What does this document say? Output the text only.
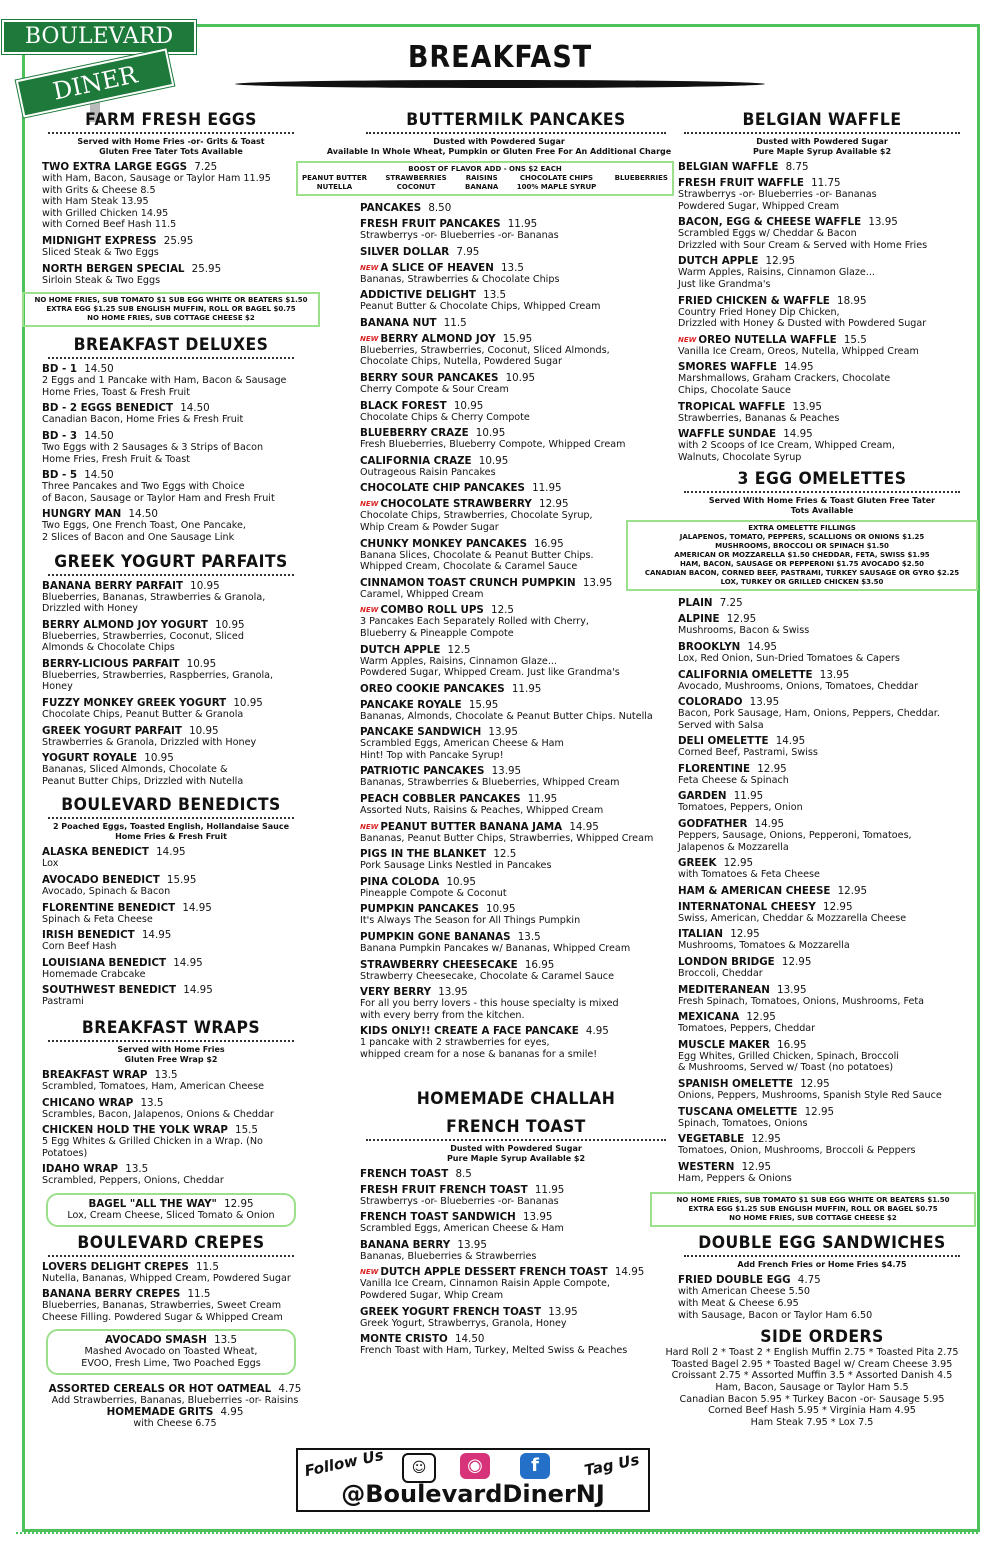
BOULEVARD
DINER
BREAKFAST
FARM FRESH EGGS
Served with Home Fries -or- Grits & Toast
Gluten Free Tater Tots Available
TWO EXTRA LARGE EGGS 7.25
with Ham, Bacon, Sausage or Taylor Ham 11.95
with Grits & Cheese 8.5
with Ham Steak 13.95
with Grilled Chicken 14.95
with Corned Beef Hash 11.5
MIDNIGHT EXPRESS 25.95
Sliced Steak & Two Eggs
NORTH BERGEN SPECIAL 25.95
Sirloin Steak & Two Eggs
NO HOME FRIES, SUB TOMATO $1 SUB EGG WHITE OR BEATERS $1.50
EXTRA EGG $1.25 SUB ENGLISH MUFFIN, ROLL OR BAGEL $0.75
NO HOME FRIES, SUB COTTAGE CHEESE $2
BREAKFAST DELUXES
BD - 1 14.50
2 Eggs and 1 Pancake with Ham, Bacon & Sausage
Home Fries, Toast & Fresh Fruit
BD - 2 EGGS BENEDICT 14.50
Canadian Bacon, Home Fries & Fresh Fruit
BD - 3 14.50
Two Eggs with 2 Sausages & 3 Strips of Bacon
Home Fries, Fresh Fruit & Toast
BD - 5 14.50
Three Pancakes and Two Eggs with Choice
of Bacon, Sausage or Taylor Ham and Fresh Fruit
HUNGRY MAN 14.50
Two Eggs, One French Toast, One Pancake,
2 Slices of Bacon and One Sausage Link
GREEK YOGURT PARFAITS
BANANA BERRY PARFAIT 10.95
Blueberries, Bananas, Strawberries & Granola,
Drizzled with Honey
BERRY ALMOND JOY YOGURT 10.95
Blueberries, Strawberries, Coconut, Sliced
Almonds & Chocolate Chips
BERRY-LICIOUS PARFAIT 10.95
Blueberries, Strawberries, Raspberries, Granola, Honey
FUZZY MONKEY GREEK YOGURT 10.95
Chocolate Chips, Peanut Butter & Granola
GREEK YOGURT PARFAIT 10.95
Strawberries & Granola, Drizzled with Honey
YOGURT ROYALE 10.95
Bananas, Sliced Almonds, Chocolate &
Peanut Butter Chips, Drizzled with Nutella
BOULEVARD BENEDICTS
2 Poached Eggs, Toasted English, Hollandaise Sauce
Home Fries & Fresh Fruit
ALASKA BENEDICT 14.95
Lox
AVOCADO BENEDICT 15.95
Avocado, Spinach & Bacon
FLORENTINE BENEDICT 14.95
Spinach & Feta Cheese
IRISH BENEDICT 14.95
Corn Beef Hash
LOUISIANA BENEDICT 14.95
Homemade Crabcake
SOUTHWEST BENEDICT 14.95
Pastrami
BREAKFAST WRAPS
Served with Home Fries
Gluten Free Wrap $2
BREAKFAST WRAP 13.5
Scrambled, Tomatoes, Ham, American Cheese
CHICANO WRAP 13.5
Scrambles, Bacon, Jalapenos, Onions & Cheddar
CHICKEN HOLD THE YOLK WRAP 15.5
5 Egg Whites & Grilled Chicken in a Wrap. (No Potatoes)
IDAHO WRAP 13.5
Scrambled, Peppers, Onions, Cheddar
BAGEL "ALL THE WAY" 12.95
Lox, Cream Cheese, Sliced Tomato & Onion
BOULEVARD CREPES
LOVERS DELIGHT CREPES 11.5
Nutella, Bananas, Whipped Cream, Powdered Sugar
BANANA BERRY CREPES 11.5
Blueberries, Bananas, Strawberries, Sweet Cream
Cheese Filling. Powdered Sugar & Whipped Cream
AVOCADO SMASH 13.5
Mashed Avocado on Toasted Wheat,
EVOO, Fresh Lime, Two Poached Eggs
ASSORTED CEREALS OR HOT OATMEAL 4.75
Add Strawberries, Bananas, Blueberries -or- Raisins
HOMEMADE GRITS 4.95
with Cheese 6.75
BUTTERMILK PANCAKES
Dusted with Powdered Sugar
Available In Whole Wheat, Pumpkin or Gluten Free For An Additional Charge
BOOST OF FLAVOR ADD - ONS $2 EACH
PEANUT BUTTER	STRAWBERRIES	RAISINS	CHOCOLATE CHIPS	BLUEBERRIES
NUTELLA	COCONUT	BANANA	100% MAPLE SYRUP
PANCAKES 8.50
FRESH FRUIT PANCAKES 11.95
Strawberrys -or- Blueberries -or- Bananas
SILVER DOLLAR 7.95
$^{NEW}$ A SLICE OF HEAVEN 13.5
Bananas, Strawberries & Chocolate Chips
ADDICTIVE DELIGHT 13.5
Peanut Butter & Chocolate Chips, Whipped Cream
BANANA NUT 11.5
$^{NEW}$ BERRY ALMOND JOY 15.95
Blueberries, Strawberries, Coconut, Sliced Almonds,
Chocolate Chips, Nutella, Powdered Sugar
BERRY SOUR PANCAKES 10.95
Cherry Compote & Sour Cream
BLACK FOREST 10.95
Chocolate Chips & Cherry Compote
BLUEBERRY CRAZE 10.95
Fresh Blueberries, Blueberry Compote, Whipped Cream
CALIFORNIA CRAZE 10.95
Outrageous Raisin Pancakes
CHOCOLATE CHIP PANCAKES 11.95
$^{NEW}$ CHOCOLATE STRAWBERRY 12.95
Chocolate Chips, Strawberries, Chocolate Syrup,
Whip Cream & Powder Sugar
CHUNKY MONKEY PANCAKES 16.95
Banana Slices, Chocolate & Peanut Butter Chips.
Whipped Cream, Chocolate & Caramel Sauce
CINNAMON TOAST CRUNCH PUMPKIN 13.95
Caramel, Whipped Cream
$^{NEW}$ COMBO ROLL UPS 12.5
3 Pancakes Each Separately Rolled with Cherry,
Blueberry & Pineapple Compote
DUTCH APPLE 12.5
Warm Apples, Raisins, Cinnamon Glaze...
Powdered Sugar, Whipped Cream. Just like Grandma's
OREO COOKIE PANCAKES 11.95
PANCAKE ROYALE 15.95
Bananas, Almonds, Chocolate & Peanut Butter Chips. Nutella
PANCAKE SANDWICH 13.95
Scrambled Eggs, American Cheese & Ham
Hint! Top with Pancake Syrup!
PATRIOTIC PANCAKES 13.95
Bananas, Strawberries & Blueberries, Whipped Cream
PEACH COBBLER PANCAKES 11.95
Assorted Nuts, Raisins & Peaches, Whipped Cream
$^{NEW}$ PEANUT BUTTER BANANA JAMA 14.95
Bananas, Peanut Butter Chips, Strawberries, Whipped Cream
PIGS IN THE BLANKET 12.5
Pork Sausage Links Nestled in Pancakes
PINA COLODA 10.95
Pineapple Compote & Coconut
PUMPKIN PANCAKES 10.95
It's Always The Season for All Things Pumpkin
PUMPKIN GONE BANANAS 13.5
Banana Pumpkin Pancakes w/ Bananas, Whipped Cream
STRAWBERRY CHEESECAKE 16.95
Strawberry Cheesecake, Chocolate & Caramel Sauce
VERY BERRY 13.95
For all you berry lovers - this house specialty is mixed
with every berry from the kitchen.
KIDS ONLY!! CREATE A FACE PANCAKE 4.95
1 pancake with 2 strawberries for eyes,
whipped cream for a nose & bananas for a smile!
HOMEMADE CHALLAH
FRENCH TOAST
Dusted with Powdered Sugar
Pure Maple Syrup Available $2
FRENCH TOAST 8.5
FRESH FRUIT FRENCH TOAST 11.95
Strawberrys -or- Blueberries -or- Bananas
FRENCH TOAST SANDWICH 13.95
Scrambled Eggs, American Cheese & Ham
BANANA BERRY 13.95
Bananas, Blueberries & Strawberries
$^{NEW}$ DUTCH APPLE DESSERT FRENCH TOAST 14.95
Vanilla Ice Cream, Cinnamon Raisin Apple Compote,
Powdered Sugar, Whip Cream
GREEK YOGURT FRENCH TOAST 13.95
Greek Yogurt, Strawberrys, Granola, Honey
MONTE CRISTO 14.50
French Toast with Ham, Turkey, Melted Swiss & Peaches
BELGIAN WAFFLE
Dusted with Powdered Sugar
Pure Maple Syrup Available $2
BELGIAN WAFFLE 8.75
FRESH FRUIT WAFFLE 11.75
Strawberrys -or- Blueberries -or- Bananas
Powdered Sugar, Whipped Cream
BACON, EGG & CHEESE WAFFLE 13.95
Scrambled Eggs w/ Cheddar & Bacon
Drizzled with Sour Cream & Served with Home Fries
DUTCH APPLE 12.95
Warm Apples, Raisins, Cinnamon Glaze...
Just like Grandma's
FRIED CHICKEN & WAFFLE 18.95
Country Fried Honey Dip Chicken,
Drizzled with Honey & Dusted with Powdered Sugar
$^{NEW}$ OREO NUTELLA WAFFLE 15.5
Vanilla Ice Cream, Oreos, Nutella, Whipped Cream
SMORES WAFFLE 14.95
Marshmallows, Graham Crackers, Chocolate
Chips, Chocolate Sauce
TROPICAL WAFFLE 13.95
Strawberries, Bananas & Peaches
WAFFLE SUNDAE 14.95
with 2 Scoops of Ice Cream, Whipped Cream,
Walnuts, Chocolate Syrup
3 EGG OMELETTES
Served With Home Fries & Toast Gluten Free Tater
Tots Available
EXTRA OMELETTE FILLINGS
JALAPENOS, TOMATO, PEPPERS, SCALLIONS OR ONIONS $1.25
MUSHROOMS, BROCCOLI OR SPINACH $1.50
AMERICAN OR MOZZARELLA $1.50 CHEDDAR, FETA, SWISS $1.95
HAM, BACON, SAUSAGE OR PEPPERONI $1.75 AVOCADO $2.50
CANADIAN BACON, CORNED BEEF, PASTRAMI, TURKEY SAUSAGE OR GYRO $2.25
LOX, TURKEY OR GRILLED CHICKEN $3.50
PLAIN 7.25
ALPINE 12.95
Mushrooms, Bacon & Swiss
BROOKLYN 14.95
Lox, Red Onion, Sun-Dried Tomatoes & Capers
CALIFORNIA OMELETTE 13.95
Avocado, Mushrooms, Onions, Tomatoes, Cheddar
COLORADO 13.95
Bacon, Pork Sausage, Ham, Onions, Peppers, Cheddar.
Served with Salsa
DELI OMELETTE 14.95
Corned Beef, Pastrami, Swiss
FLORENTINE 12.95
Feta Cheese & Spinach
GARDEN 11.95
Tomatoes, Peppers, Onion
GODFATHER 14.95
Peppers, Sausage, Onions, Pepperoni, Tomatoes,
Jalapenos & Mozzarella
GREEK 12.95
with Tomatoes & Feta Cheese
HAM & AMERICAN CHEESE 12.95
INTERNATONAL CHEESY 12.95
Swiss, American, Cheddar & Mozzarella Cheese
ITALIAN 12.95
Mushrooms, Tomatoes & Mozzarella
LONDON BRIDGE 12.95
Broccoli, Cheddar
MEDITERANEAN 13.95
Fresh Spinach, Tomatoes, Onions, Mushrooms, Feta
MEXICANA 12.95
Tomatoes, Peppers, Cheddar
MUSCLE MAKER 16.95
Egg Whites, Grilled Chicken, Spinach, Broccoli
& Mushrooms, Served w/ Toast (no potatoes)
SPANISH OMELETTE 12.95
Onions, Peppers, Mushrooms, Spanish Style Red Sauce
TUSCANA OMELETTE 12.95
Spinach, Tomatoes, Onions
VEGETABLE 12.95
Tomatoes, Onion, Mushrooms, Broccoli & Peppers
WESTERN 12.95
Ham, Peppers & Onions
NO HOME FRIES, SUB TOMATO $1 SUB EGG WHITE OR BEATERS $1.50
EXTRA EGG $1.25 SUB ENGLISH MUFFIN, ROLL OR BAGEL $0.75
NO HOME FRIES, SUB COTTAGE CHEESE $2
DOUBLE EGG SANDWICHES
Add French Fries or Home Fries $4.75
FRIED DOUBLE EGG 4.75
with American Cheese 5.50
with Meat & Cheese 6.95
with Sausage, Bacon or Taylor Ham 6.50
SIDE ORDERS
Hard Roll 2 * Toast 2 * English Muffin 2.75 * Toasted Pita 2.75
Toasted Bagel 2.95 * Toasted Bagel w/ Cream Cheese 3.95
Croissant 2.75 * Assorted Muffin 3.5 * Assorted Danish 4.5
Ham, Bacon, Sausage or Taylor Ham 5.5
Canadian Bacon 5.95 * Turkey Bacon -or- Sausage 5.95
Corned Beef Hash 5.95 * Virginia Ham 4.95
Ham Steak 7.95 * Lox 7.5
Follow Us	☺	◉	f	Tag Us
@BoulevardDinerNJ
